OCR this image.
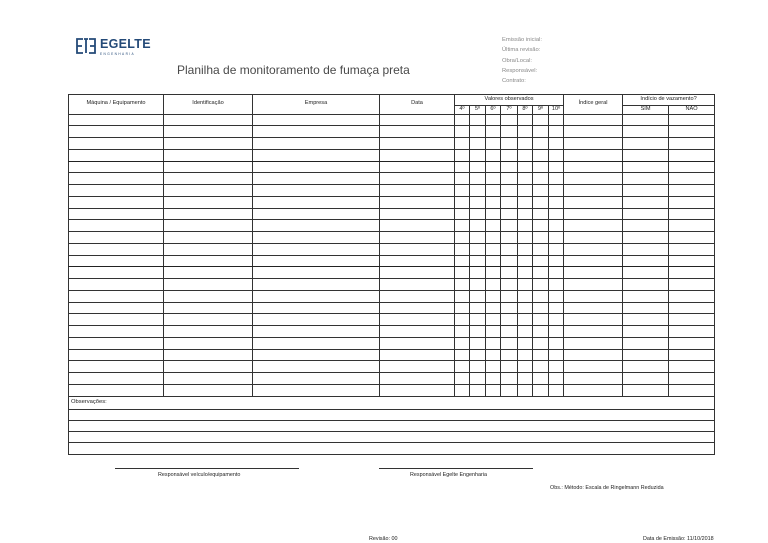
EGELTE
ENGENHARIA
Planilha de monitoramento de fumaça preta
Emissão inicial:
Última revisão:
Obra/Local:
Responsável:
Contrato:
Máquina / Equipamento	Identificação	Empresa	Data	Valores observados							Índice geral	Indício de vazamento?	
				4º	5º	6º	7º	8º	9º	10º		SIM	NÃO

Observações:													

Responsável veículo/equipamento	Responsável Egelte Engenharia
Obs.: Método: Escala de Ringelmann Reduzida
Revisão: 00	Data de Emissão: 11/10/2018
